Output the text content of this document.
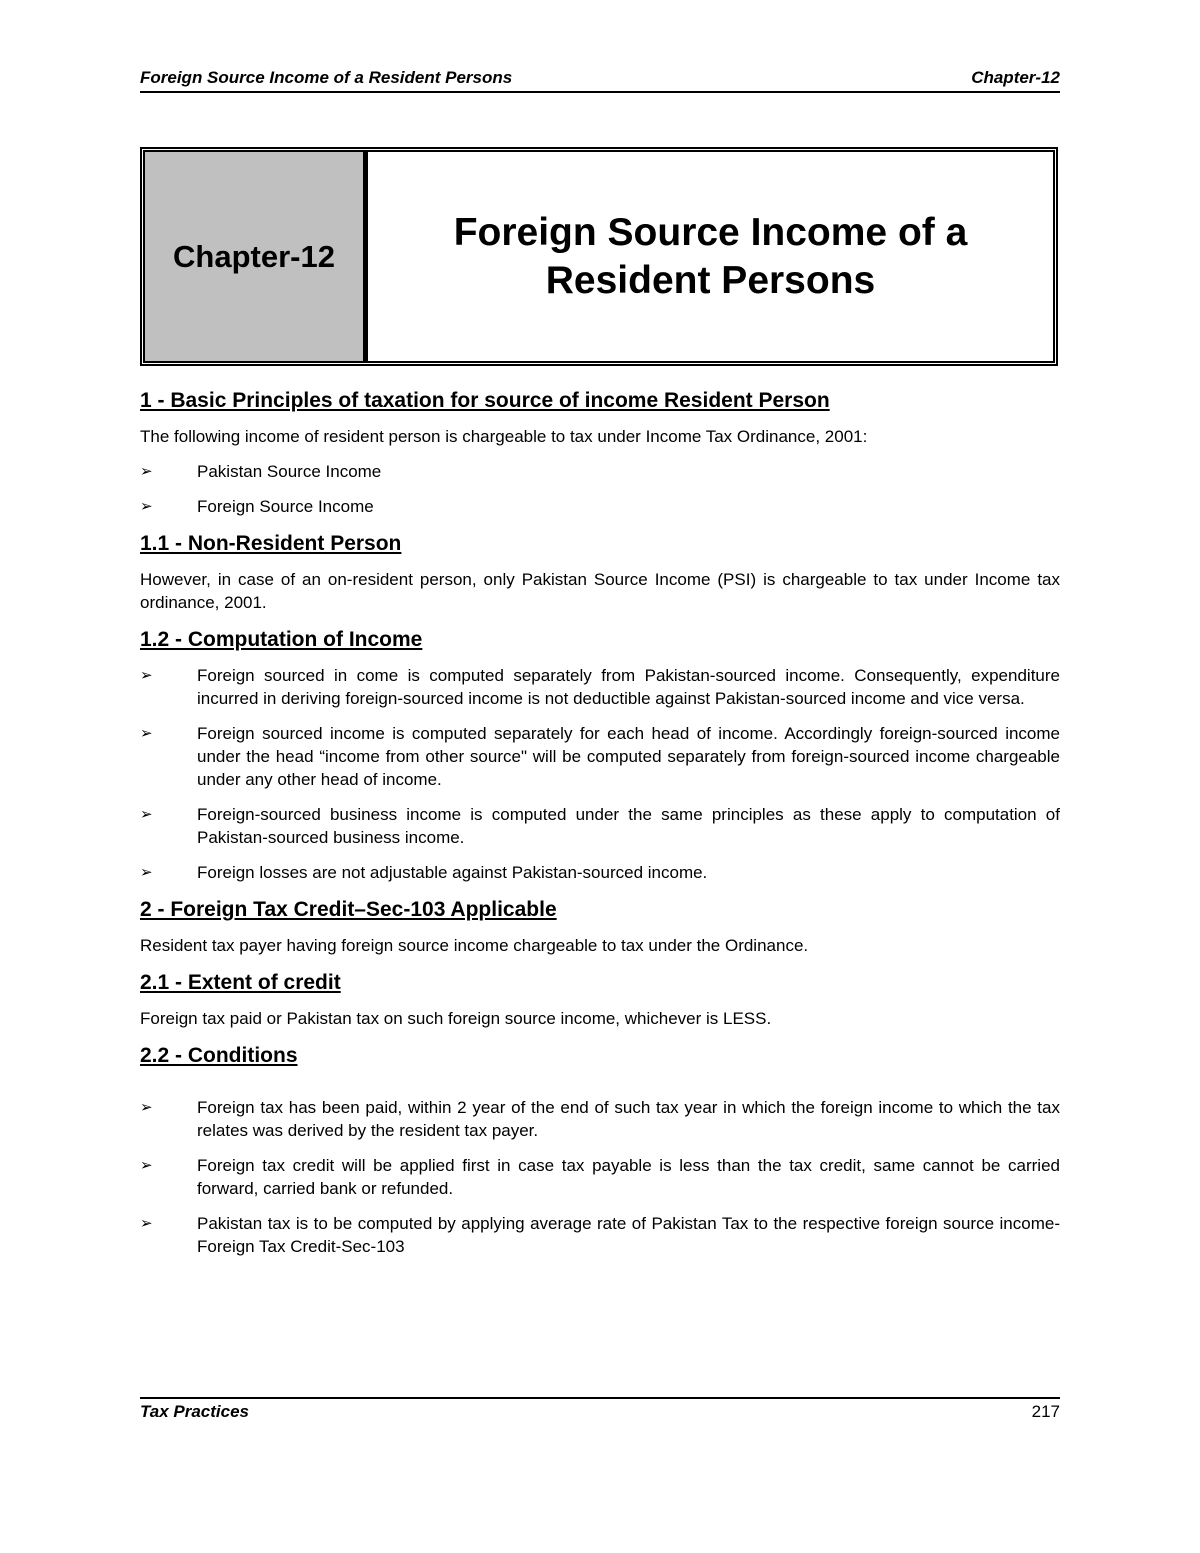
Foreign Source Income of a Resident Persons	Chapter-12
Chapter-12
Foreign Source Income of a
Resident Persons
1 - Basic Principles of taxation for source of income Resident Person

The following income of resident person is chargeable to tax under Income Tax Ordinance, 2001:

➢	Pakistan Source Income
➢	Foreign Source Income
1.1 - Non-Resident Person

However, in case of an on-resident person, only Pakistan Source Income (PSI) is chargeable to tax under Income tax ordinance, 2001.

1.2 - Computation of Income
➢	Foreign sourced in come is computed separately from Pakistan-sourced income. Consequently, expenditure incurred in deriving foreign-sourced income is not deductible against Pakistan-sourced income and vice versa.
➢	Foreign sourced income is computed separately for each head of income. Accordingly foreign-sourced income under the head “income from other source" will be computed separately from foreign-sourced income chargeable under any other head of income.
➢	Foreign-sourced business income is computed under the same principles as these apply to computation of Pakistan-sourced business income.
➢	Foreign losses are not adjustable against Pakistan-sourced income.
2 - Foreign Tax Credit–Sec-103 Applicable

Resident tax payer having foreign source income chargeable to tax under the Ordinance.

2.1 - Extent of credit

Foreign tax paid or Pakistan tax on such foreign source income, whichever is LESS.

2.2 - Conditions
➢	Foreign tax has been paid, within 2 year of the end of such tax year in which the foreign income to which the tax relates was derived by the resident tax payer.
➢	Foreign tax credit will be applied first in case tax payable is less than the tax credit, same cannot be carried forward, carried bank or refunded.
➢	Pakistan tax is to be computed by applying average rate of Pakistan Tax to the respective foreign source income-Foreign Tax Credit-Sec-103
Tax Practices	217
